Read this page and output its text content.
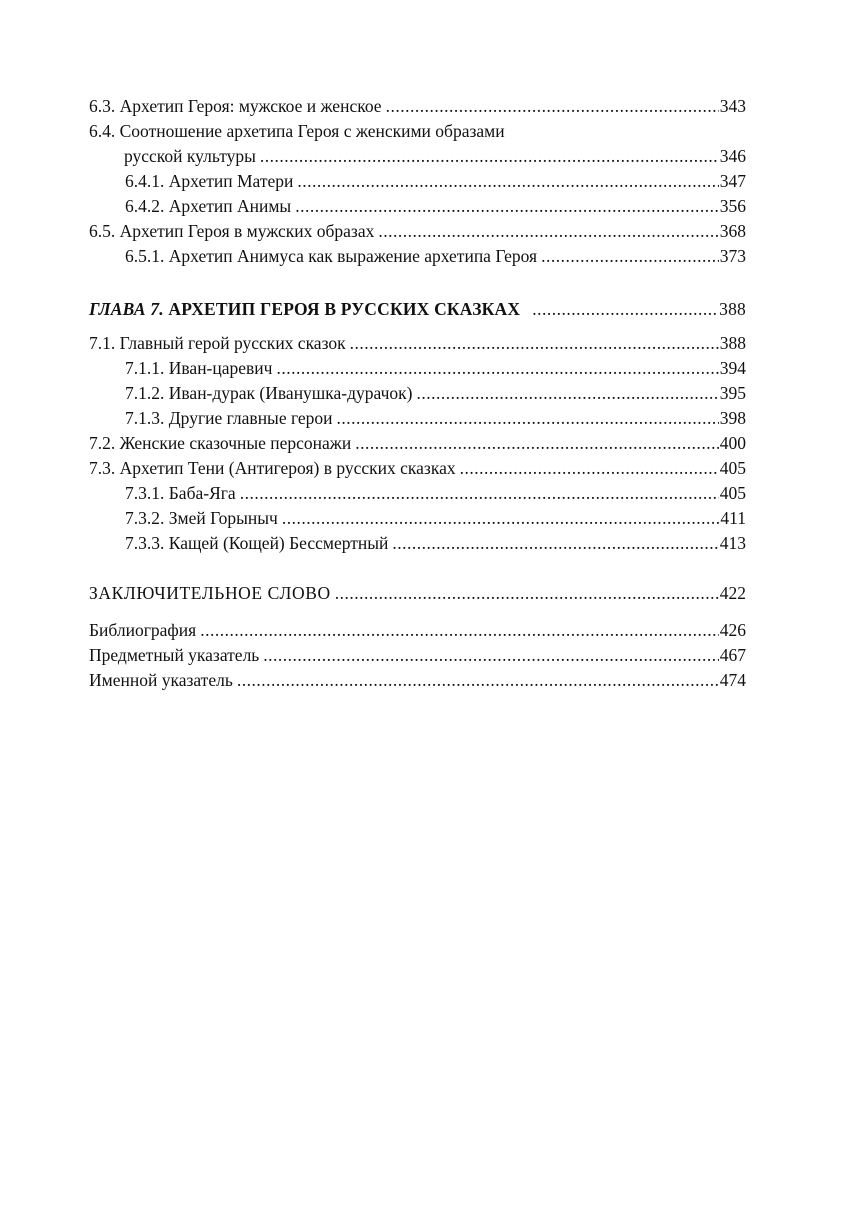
6.3. Архетип Героя: мужское и женское .....	343
6.4. Соотношение архетипа Героя с женскими образами
русской культуры .....	346
6.4.1. Архетип Матери .....	347
6.4.2. Архетип Анимы .....	356
6.5. Архетип Героя в мужских образах .....	368
6.5.1. Архетип Анимуса как выражение архетипа Героя .....	373
ГЛАВА 7. АРХЕТИП ГЕРОЯ В РУССКИХ СКАЗКАХ .....	388
7.1. Главный герой русских сказок .....	388
7.1.1. Иван-царевич .....	394
7.1.2. Иван-дурак (Иванушка-дурачок) .....	395
7.1.3. Другие главные герои .....	398
7.2. Женские сказочные персонажи .....	400
7.3. Архетип Тени (Антигероя) в русских сказках .....	405
7.3.1. Баба-Яга .....	405
7.3.2. Змей Горыныч .....	411
7.3.3. Кащей (Кощей) Бессмертный .....	413
ЗАКЛЮЧИТЕЛЬНОЕ СЛОВО .....	422
Библиография .....	426
Предметный указатель .....	467
Именной указатель .....	474
